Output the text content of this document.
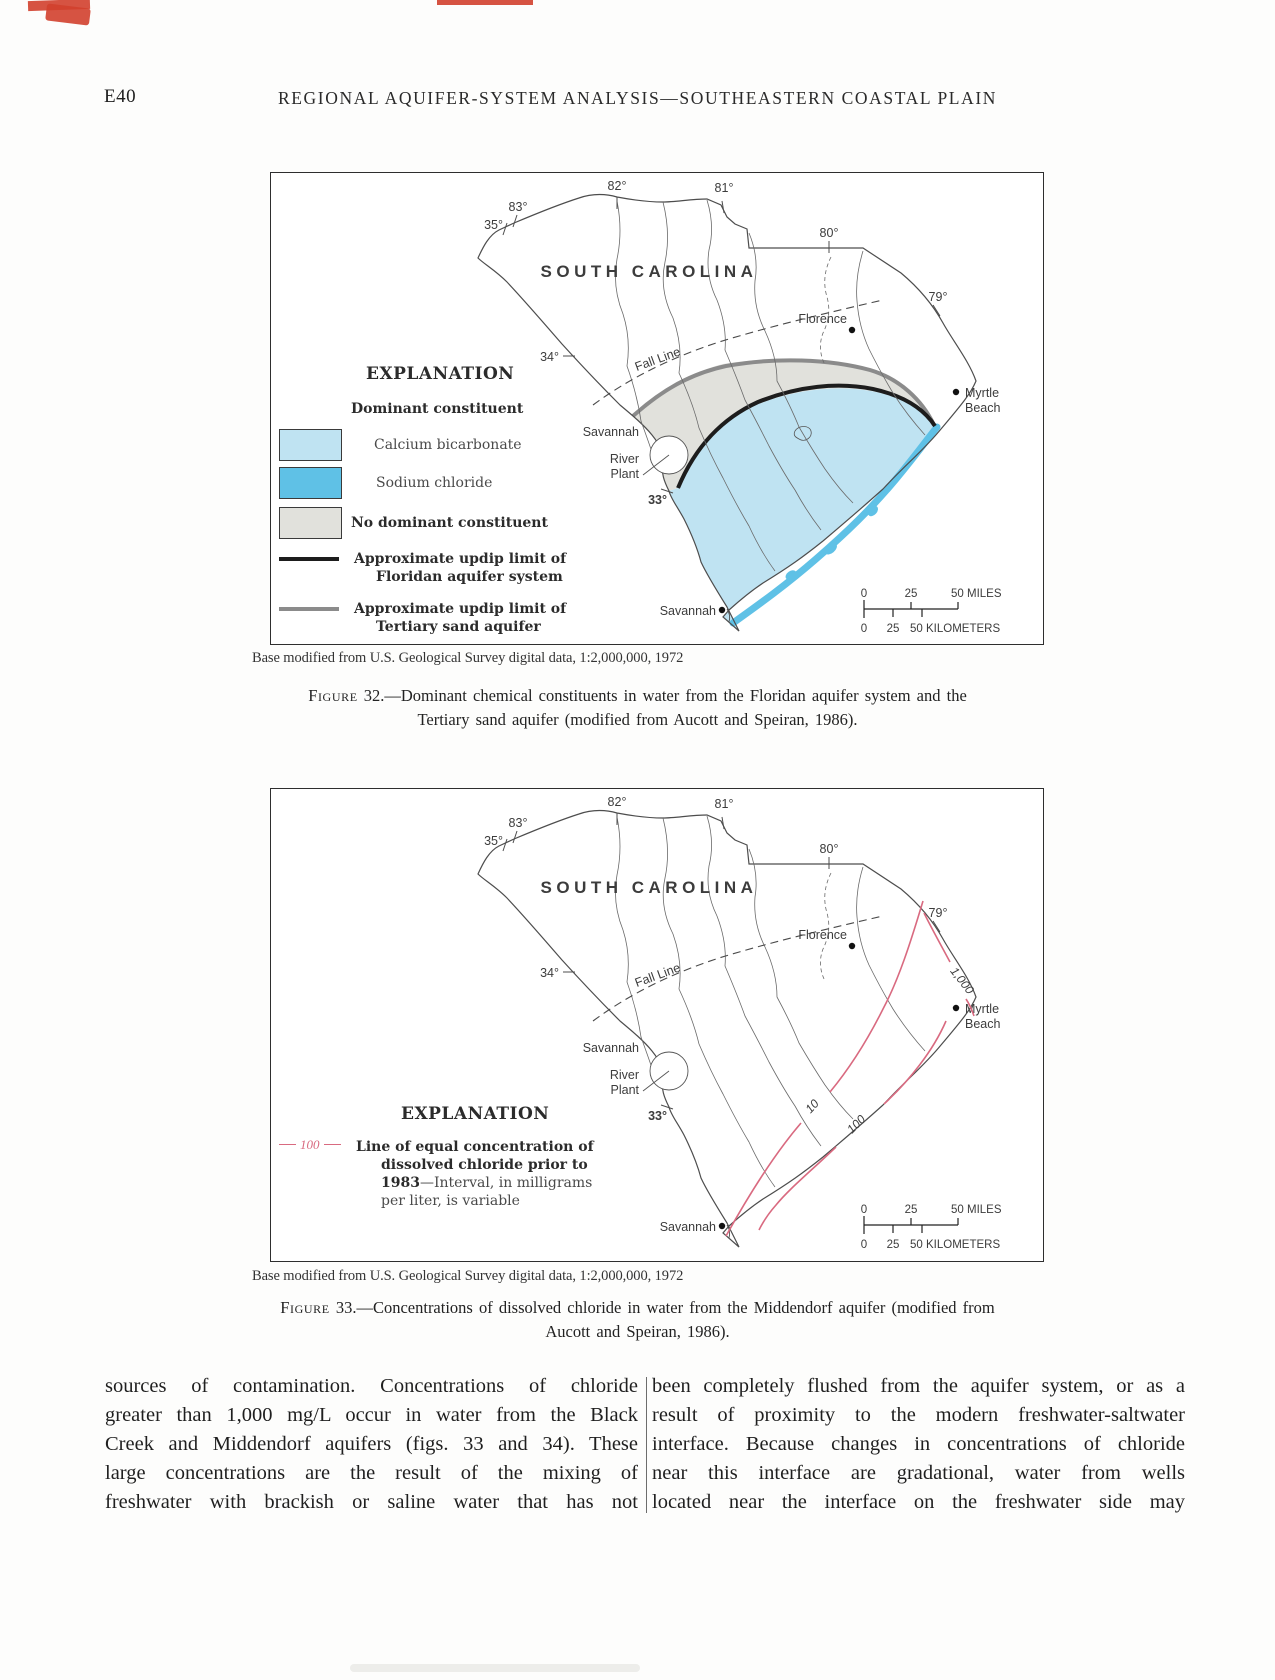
E40	REGIONAL AQUIFER-SYSTEM ANALYSIS—SOUTHEASTERN COASTAL PLAIN
Fall Line
35°
83°
82°	81°
80°
79°
34°
33°
SOUTH CAROLINA
Florence
Myrtle
Beach
Savannah
Savannah
River
Plant
0	25	50 MILES
0 25 50 KILOMETERS
EXPLANATION
Dominant constituent
Calcium bicarbonate
Sodium chloride
No dominant constituent
Approximate updip limit of
Floridan aquifer system
Approximate updip limit of
Tertiary sand aquifer
Base modified from U.S. Geological Survey digital data, 1:2,000,000, 1972
Figure 32.—Dominant chemical constituents in water from the Floridan aquifer system and the
Tertiary sand aquifer (modified from Aucott and Speiran, 1986).
Fall Line
35°
83°
82°	81°
80°
79°
34°
33°
SOUTH CAROLINA
Florence
Myrtle
Beach
Savannah
Savannah
River
Plant
0	25	50 MILES
0 25 50 KILOMETERS
10
100
1,000
EXPLANATION
100	Line of equal concentration of
dissolved chloride prior to
1983—Interval, in milligrams
per liter, is variable
Base modified from U.S. Geological Survey digital data, 1:2,000,000, 1972
Figure 33.—Concentrations of dissolved chloride in water from the Middendorf aquifer (modified from
Aucott and Speiran, 1986).
sources of contamination. Concentrations of chloride
greater than 1,000 mg/L occur in water from the Black
Creek and Middendorf aquifers (figs. 33 and 34). These
large concentrations are the result of the mixing of
freshwater with brackish or saline water that has not
been completely flushed from the aquifer system, or as a
result of proximity to the modern freshwater-saltwater
interface. Because changes in concentrations of chloride
near this interface are gradational, water from wells
located near the interface on the freshwater side may
